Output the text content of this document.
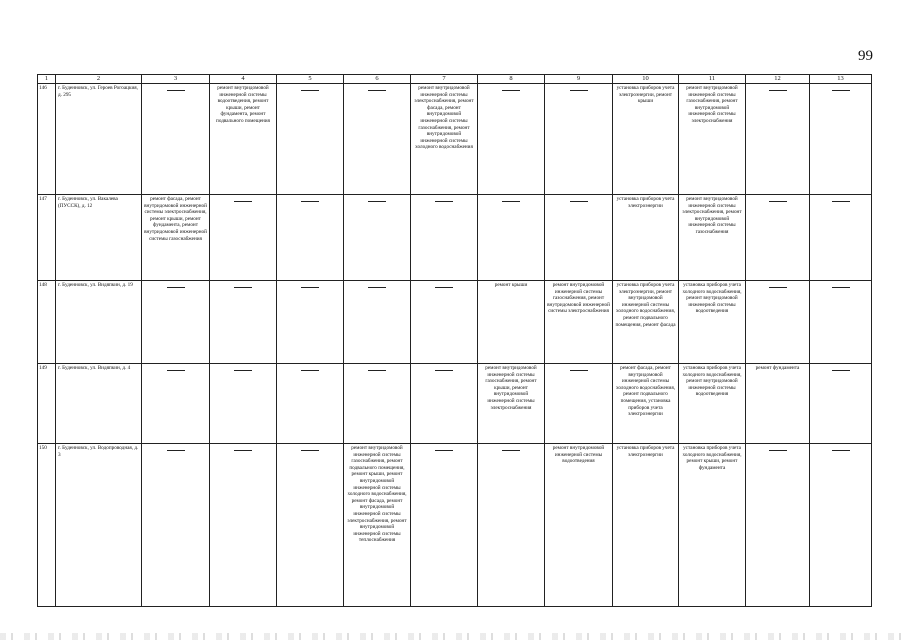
99
1	2	3	4	5	6	7	8	9	10	11	12	13
146	г. Буденновск, ул. Героев Рогоацкия, д. 295		ремонт внутридомовой инженерной системы водоотведения, ремонт крыши, ремонт фундамента, ремонт подвального помещения			ремонт внутридомовой инженерной системы электроснабжения, ремонт фасада, ремонт внутридомовой инженерной системы газоснабжения, ремонт внутридомовой инженерной системы холодного водоснабжения			установка приборов учета электроэнергии, ремонт крыши	ремонт внутридомовой инженерной системы газоснабжения, ремонт внутридомовой инженерной системы электроснабжения		
147	г. Буденновск, ул. Вакалева (ПУССК), д. 12	ремонт фасада, ремонт внутридомовой инженерной системы электроснабжения, ремонт крыши, ремонт фундамента, ремонт внутридомовой инженерной системы газоснабжения							установка приборов учета электроэнергии	ремонт внутридомовой инженерной системы электроснабжения, ремонт внутридомовой инженерной системы газоснабжения		
148	г. Буденновск, ул. Видяпкин, д. 19						ремонт крыши	ремонт внутридомовой инженерной системы газоснабжения, ремонт внутридомовой инженерной системы электроснабжения	установка приборов учета электроэнергии, ремонт внутридомовой инженерной системы холодного водоснабжения, ремонт подвального помещения, ремонт фасада	установка приборов учета холодного водоснабжения, ремонт внутридомовой инженерной системы водоотведения		
149	г. Буденновск, ул. Видяпкин, д. 4						ремонт внутридомовой инженерной системы газоснабжения, ремонт крыши, ремонт внутридомовой инженерной системы электроснабжения		ремонт фасада, ремонт внутридомовой инженерной системы холодного водоснабжения, ремонт подвального помещения, установка приборов учета электроэнергии	установка приборов учета холодного водоснабжения, ремонт внутридомовой инженерной системы водоотведения	ремонт фундамента	
150	г. Буденновск, ул. Водопроводная, д. 3				ремонт внутридомовой инженерной системы газоснабжения, ремонт подвального помещения, ремонт крыши, ремонт внутридомовой инженерной системы холодного водоснабжения, ремонт фасада, ремонт внутридомовой инженерной системы электроснабжения, ремонт внутридомовой инженерной системы теплоснабжения			ремонт внутридомовой инженерной системы водоотведения	установка приборов учета электроэнергии	установка приборов учета холодного водоснабжения, ремонт крыши, ремонт фундамента		
